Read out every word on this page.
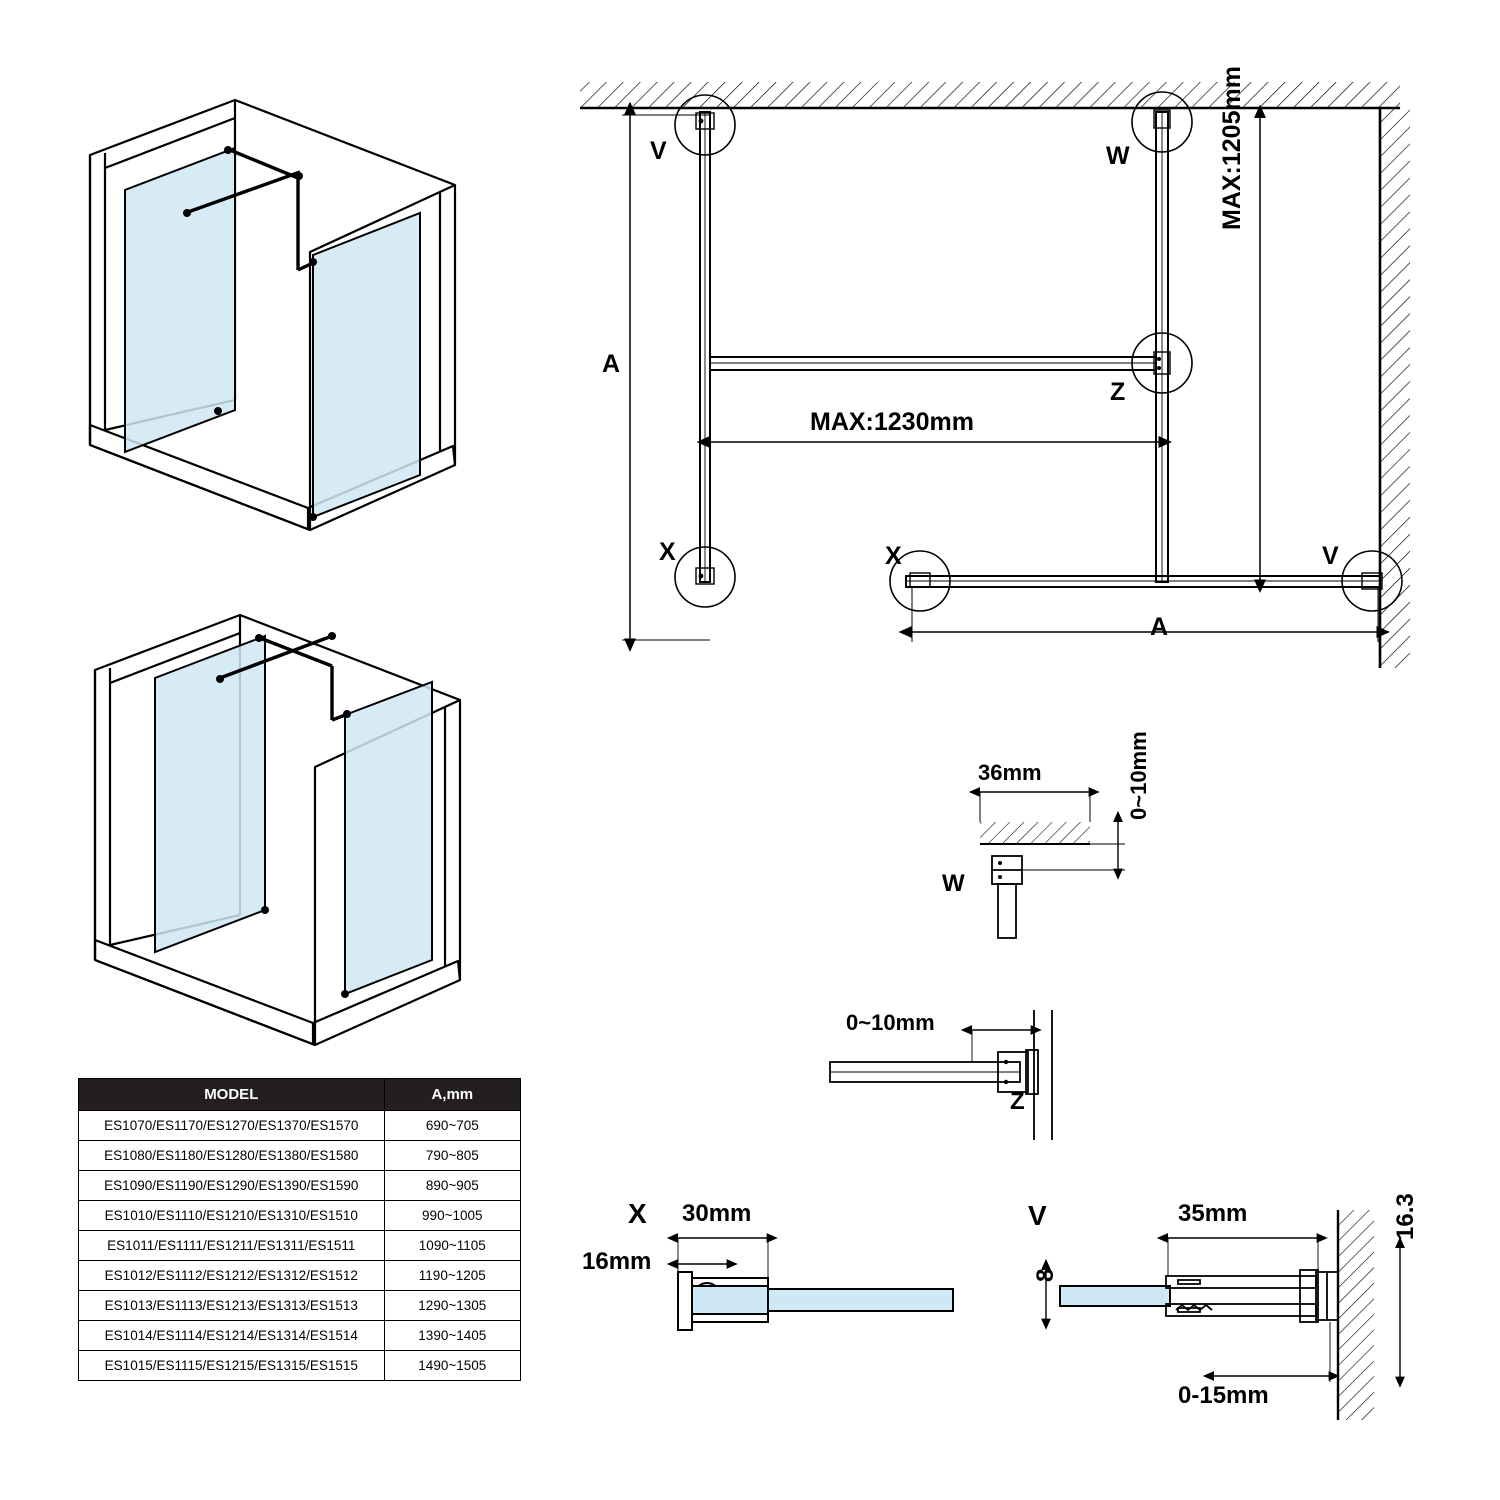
MODEL	A,mm
ES1070/ES1170/ES1270/ES1370/ES1570	690~705
ES1080/ES1180/ES1280/ES1380/ES1580	790~805
ES1090/ES1190/ES1290/ES1390/ES1590	890~905
ES1010/ES1110/ES1210/ES1310/ES1510	990~1005
ES1011/ES1111/ES1211/ES1311/ES1511	1090~1105
ES1012/ES1112/ES1212/ES1312/ES1512	1190~1205
ES1013/ES1113/ES1213/ES1313/ES1513	1290~1305
ES1014/ES1114/ES1214/ES1314/ES1514	1390~1405
ES1015/ES1115/ES1215/ES1315/ES1515	1490~1505
V	W
Z
X	X	V
A
A
MAX:1230mm
MAX:1205mm
W
36mm	0~10mm
Z
0~10mm
X 30mm
16mm
V	35mm
8
16.3
0-15mm
